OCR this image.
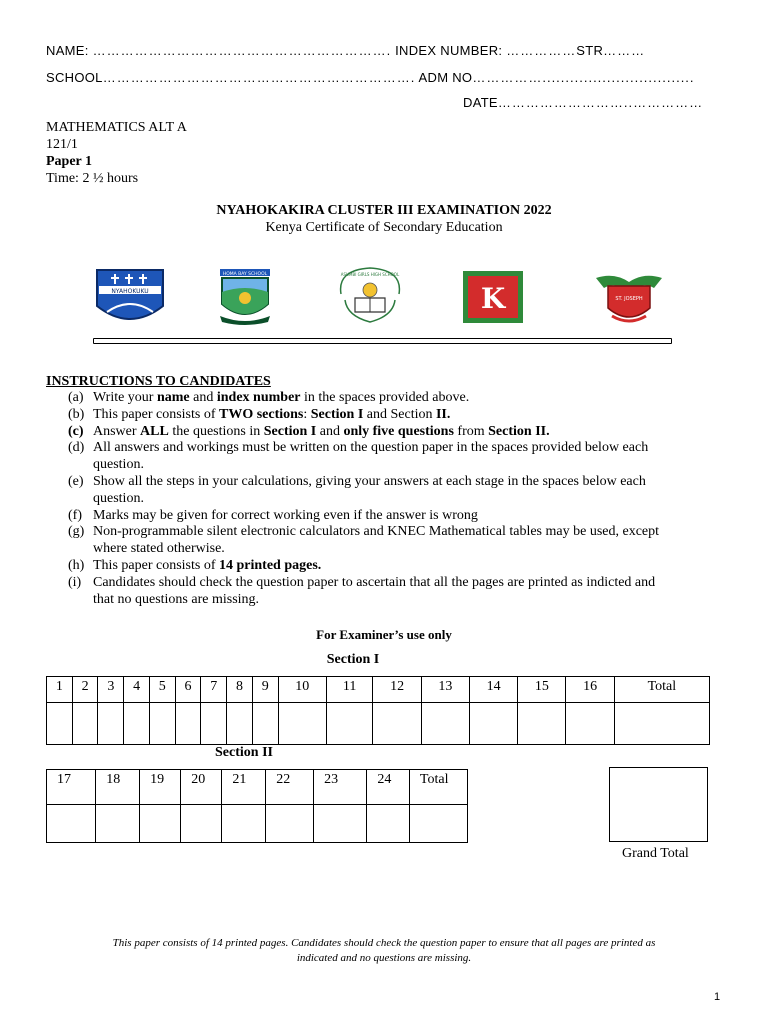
NAME: ………………………………………………………. INDEX NUMBER: ……………STR………
SCHOOL…………………………………………………………. ADM NO…………….................................
DATE………………………..……………
MATHEMATICS ALT A
121/1
Paper 1
Time: 2 ½ hours
NYAHOKAKIRA CLUSTER III EXAMINATION 2022
Kenya Certificate of Secondary Education
NYAHOKUKU
HOMA BAY SCHOOL	ASUMBI GIRLS HIGH SCHOOL
K	ST. JOSEPH
INSTRUCTIONS TO CANDIDATES
(a) Write your name and index number in the spaces provided above.
(b) This paper consists of TWO sections: Section I and Section II.
(c) Answer ALL the questions in Section I and only five questions from Section II.
(d) All answers and workings must be written on the question paper in the spaces provided below each
question.
(e) Show all the steps in your calculations, giving your answers at each stage in the spaces below each
question.
(f) Marks may be given for correct working even if the answer is wrong
(g) Non-programmable silent electronic calculators and KNEC Mathematical tables may be used, except
where stated otherwise.
(h) This paper consists of 14 printed pages.
(i) Candidates should check the question paper to ascertain that all the pages are printed as indicted and
that no questions are missing.
For Examiner’s use only
Section I
1	2	3	4	5	6	7	8	9	10	11	12	13	14	15	16	Total

Section II
17	18	19	20	21	22	23	24	Total

Grand Total
This paper consists of 14 printed pages. Candidates should check the question paper to ensure that all pages are printed as
indicated and no questions are missing.
1
